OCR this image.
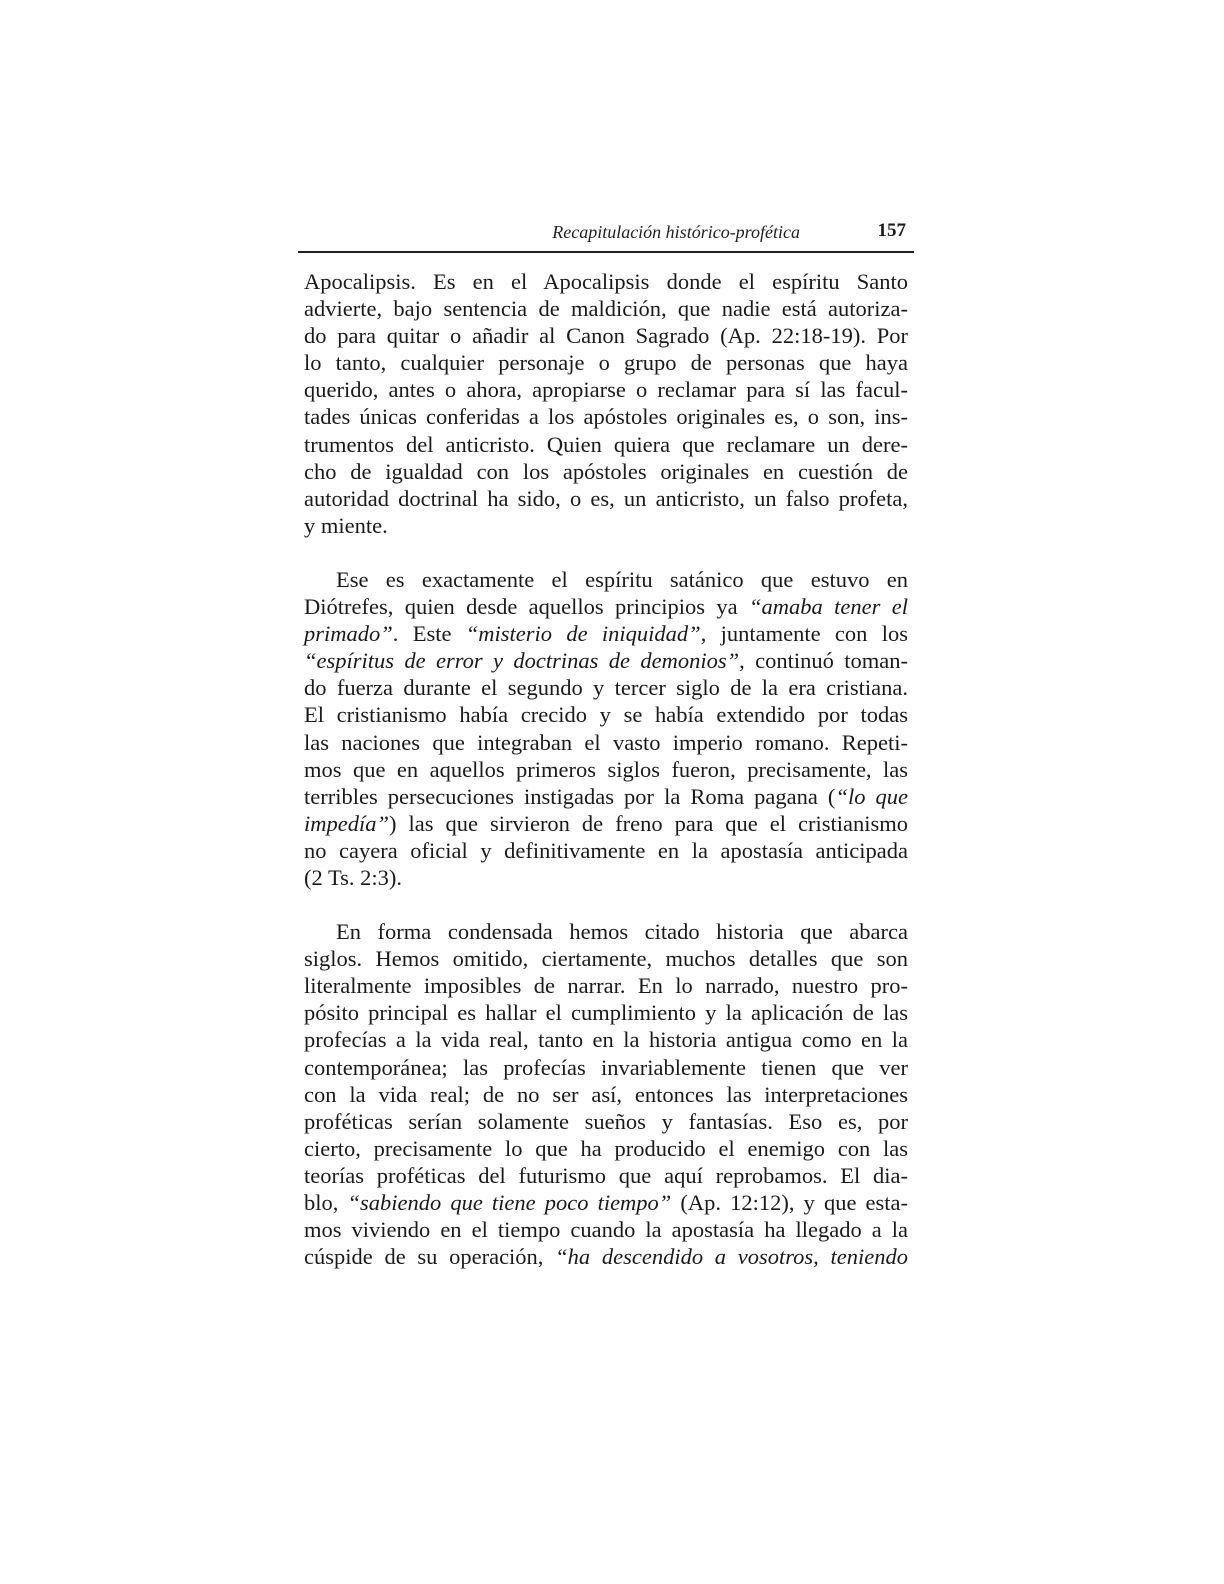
Recapitulación histórico-profética	157
Apocalipsis. Es en el Apocalipsis donde el espíritu Santo
advierte, bajo sentencia de maldición, que nadie está autoriza-
do para quitar o añadir al Canon Sagrado (Ap. 22:18-19). Por
lo tanto, cualquier personaje o grupo de personas que haya
querido, antes o ahora, apropiarse o reclamar para sí las facul-
tades únicas conferidas a los apóstoles originales es, o son, ins-
trumentos del anticristo. Quien quiera que reclamare un dere-
cho de igualdad con los apóstoles originales en cuestión de
autoridad doctrinal ha sido, o es, un anticristo, un falso profeta,
y miente.
Ese es exactamente el espíritu satánico que estuvo en
Diótrefes, quien desde aquellos principios ya “amaba tener el
primado”. Este “misterio de iniquidad”, juntamente con los
“espíritus de error y doctrinas de demonios”, continuó toman-
do fuerza durante el segundo y tercer siglo de la era cristiana.
El cristianismo había crecido y se había extendido por todas
las naciones que integraban el vasto imperio romano. Repeti-
mos que en aquellos primeros siglos fueron, precisamente, las
terribles persecuciones instigadas por la Roma pagana (“lo que
impedía”) las que sirvieron de freno para que el cristianismo
no cayera oficial y definitivamente en la apostasía anticipada
(2 Ts. 2:3).
En forma condensada hemos citado historia que abarca
siglos. Hemos omitido, ciertamente, muchos detalles que son
literalmente imposibles de narrar. En lo narrado, nuestro pro-
pósito principal es hallar el cumplimiento y la aplicación de las
profecías a la vida real, tanto en la historia antigua como en la
contemporánea; las profecías invariablemente tienen que ver
con la vida real; de no ser así, entonces las interpretaciones
proféticas serían solamente sueños y fantasías. Eso es, por
cierto, precisamente lo que ha producido el enemigo con las
teorías proféticas del futurismo que aquí reprobamos. El dia-
blo, “sabiendo que tiene poco tiempo” (Ap. 12:12), y que esta-
mos viviendo en el tiempo cuando la apostasía ha llegado a la
cúspide de su operación, “ha descendido a vosotros, teniendo
